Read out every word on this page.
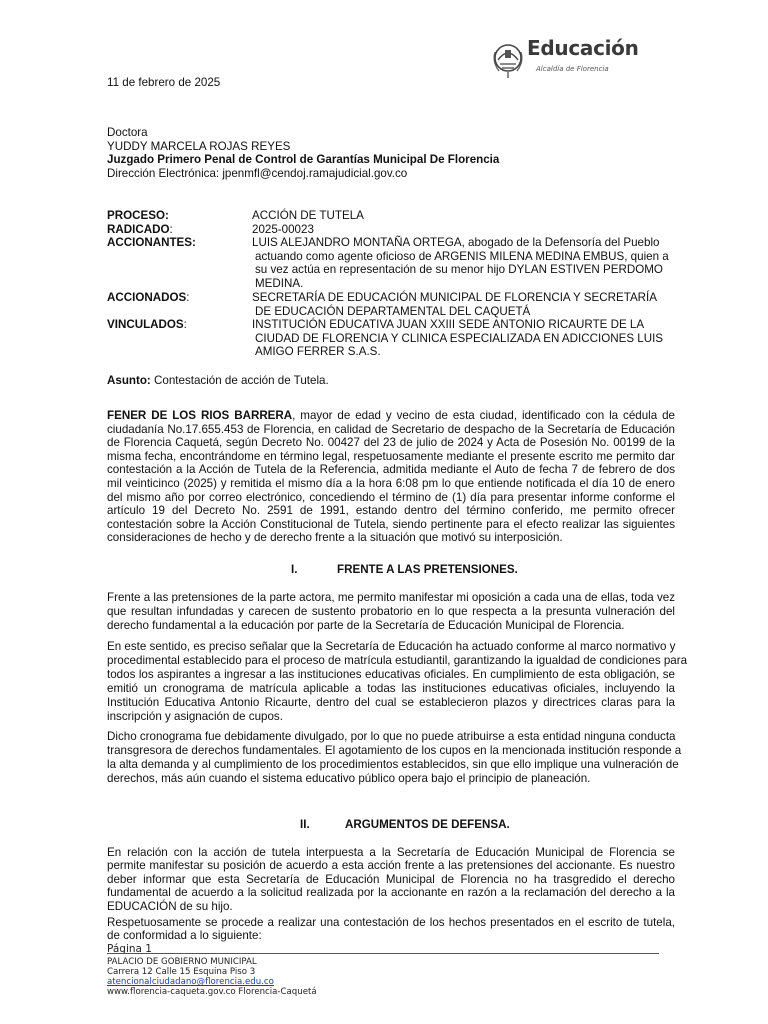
Educación
Alcaldía de Florencia
11 de febrero de 2025
Doctora
YUDDY MARCELA ROJAS REYES
Juzgado Primero Penal de Control de Garantías Municipal De Florencia
Dirección Electrónica: jpenmfl@cendoj.ramajudicial.gov.co
PROCESO:	ACCIÓN DE TUTELA
RADICADO:	2025-00023
ACCIONANTES:	LUIS ALEJANDRO MONTAÑA ORTEGA, abogado de la Defensoría del Pueblo
actuando como agente oficioso de ARGENIS MILENA MEDINA EMBUS, quien a
su vez actúa en representación de su menor hijo DYLAN ESTIVEN PERDOMO
MEDINA.
ACCIONADOS:	SECRETARÍA DE EDUCACIÓN MUNICIPAL DE FLORENCIA Y SECRETARÍA
DE EDUCACIÓN DEPARTAMENTAL DEL CAQUETÁ
VINCULADOS:	INSTITUCIÓN EDUCATIVA JUAN XXIII SEDE ANTONIO RICAURTE DE LA
CIUDAD DE FLORENCIA Y CLINICA ESPECIALIZADA EN ADICCIONES LUIS
AMIGO FERRER S.A.S.
Asunto: Contestación de acción de Tutela.
FENER DE LOS RIOS BARRERA, mayor de edad y vecino de esta ciudad, identificado con la cédula de
ciudadanía No.17.655.453 de Florencia, en calidad de Secretario de despacho de la Secretaría de Educación
de Florencia Caquetá, según Decreto No. 00427 del 23 de julio de 2024 y Acta de Posesión No. 00199 de la
misma fecha, encontrándome en término legal, respetuosamente mediante el presente escrito me permito dar
contestación a la Acción de Tutela de la Referencia, admitida mediante el Auto de fecha 7 de febrero de dos
mil veinticinco (2025) y remitida el mismo día a la hora 6:08 pm lo que entiende notificada el día 10 de enero
del mismo año por correo electrónico, concediendo el término de (1) día para presentar informe conforme el
artículo 19 del Decreto No. 2591 de 1991, estando dentro del término conferido, me permito ofrecer
contestación sobre la Acción Constitucional de Tutela, siendo pertinente para el efecto realizar las siguientes
consideraciones de hecho y de derecho frente a la situación que motivó su interposición.
I.	FRENTE A LAS PRETENSIONES.
Frente a las pretensiones de la parte actora, me permito manifestar mi oposición a cada una de ellas, toda vez
que resultan infundadas y carecen de sustento probatorio en lo que respecta a la presunta vulneración del
derecho fundamental a la educación por parte de la Secretaría de Educación Municipal de Florencia.
En este sentido, es preciso señalar que la Secretaría de Educación ha actuado conforme al marco normativo y
procedimental establecido para el proceso de matrícula estudiantil, garantizando la igualdad de condiciones para
todos los aspirantes a ingresar a las instituciones educativas oficiales. En cumplimiento de esta obligación, se
emitió un cronograma de matrícula aplicable a todas las instituciones educativas oficiales, incluyendo la
Institución Educativa Antonio Ricaurte, dentro del cual se establecieron plazos y directrices claras para la
inscripción y asignación de cupos.
Dicho cronograma fue debidamente divulgado, por lo que no puede atribuirse a esta entidad ninguna conducta
transgresora de derechos fundamentales. El agotamiento de los cupos en la mencionada institución responde a
la alta demanda y al cumplimiento de los procedimientos establecidos, sin que ello implique una vulneración de
derechos, más aún cuando el sistema educativo público opera bajo el principio de planeación.
II.	ARGUMENTOS DE DEFENSA.
En relación con la acción de tutela interpuesta a la Secretaría de Educación Municipal de Florencia se
permite manifestar su posición de acuerdo a esta acción frente a las pretensiones del accionante. Es nuestro
deber informar que esta Secretaría de Educación Municipal de Florencia no ha trasgredido el derecho
fundamental de acuerdo a la solicitud realizada por la accionante en razón a la reclamación del derecho a la
EDUCACIÓN de su hijo.
Respetuosamente se procede a realizar una contestación de los hechos presentados en el escrito de tutela,
de conformidad a lo siguiente:
Página 1
PALACIO DE GOBIERNO MUNICIPAL
Carrera 12 Calle 15 Esquina Piso 3
atencionalciudadano@florencia.edu.co
www.florencia-caqueta.gov.co Florencia-Caquetá
